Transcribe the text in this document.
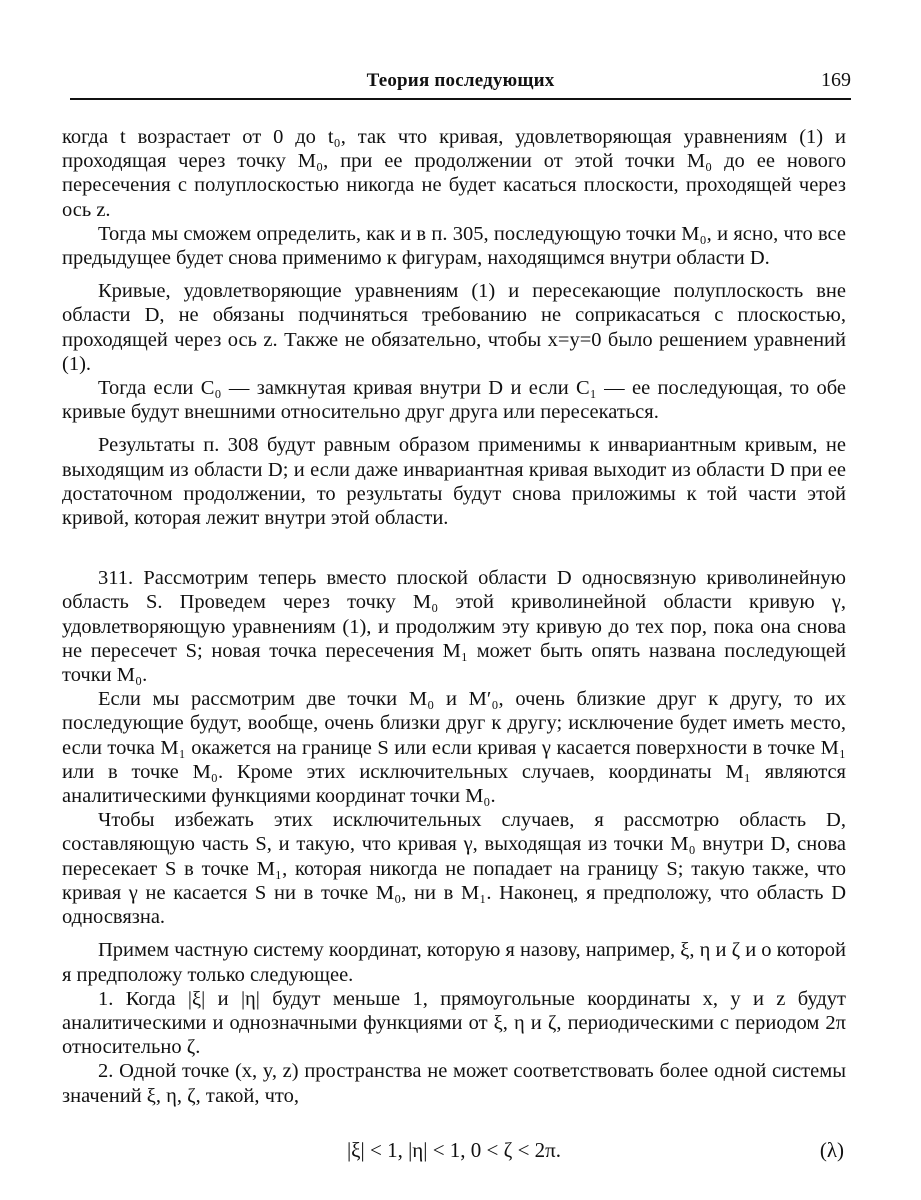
Теория последующих	169

когда t возрастает от 0 до t₀, так что кривая, удовлетворяющая уравнениям (1) и проходящая через точку M₀, при ее продолжении от этой точки M₀ до ее нового пересечения с полуплоскостью никогда не будет касаться плоскости, проходящей через ось z.

Тогда мы сможем определить, как и в п. 305, последующую точки M₀, и ясно, что все предыдущее будет снова применимо к фигурам, находящимся внутри области D.

Кривые, удовлетворяющие уравнениям (1) и пересекающие полуплоскость вне области D, не обязаны подчиняться требованию не соприкасаться с плоскостью, проходящей через ось z. Также не обязательно, чтобы x=y=0 было решением уравнений (1).

Тогда если C₀ — замкнутая кривая внутри D и если C₁ — ее последующая, то обе кривые будут внешними относительно друг друга или пересекаться.

Результаты п. 308 будут равным образом применимы к инвариантным кривым, не выходящим из области D; и если даже инвариантная кривая выходит из области D при ее достаточном продолжении, то результаты будут снова приложимы к той части этой кривой, которая лежит внутри этой области.

311. Рассмотрим теперь вместо плоской области D односвязную криволинейную область S. Проведем через точку M₀ этой криволинейной области кривую γ, удовлетворяющую уравнениям (1), и продолжим эту кривую до тех пор, пока она снова не пересечет S; новая точка пересечения M₁ может быть опять названа последующей точки M₀.

Если мы рассмотрим две точки M₀ и M′₀, очень близкие друг к другу, то их последующие будут, вообще, очень близки друг к другу; исключение будет иметь место, если точка M₁ окажется на границе S или если кривая γ касается поверхности в точке M₁ или в точке M₀. Кроме этих исключительных случаев, координаты M₁ являются аналитическими функциями координат точки M₀.

Чтобы избежать этих исключительных случаев, я рассмотрю область D, составляющую часть S, и такую, что кривая γ, выходящая из точки M₀ внутри D, снова пересекает S в точке M₁, которая никогда не попадает на границу S; такую также, что кривая γ не касается S ни в точке M₀, ни в M₁. Наконец, я предположу, что область D односвязна.

Примем частную систему координат, которую я назову, например, ξ, η и ζ и о которой я предположу только следующее.

1. Когда |ξ| и |η| будут меньше 1, прямоугольные координаты x, y и z будут аналитическими и однозначными функциями от ξ, η и ζ, периодическими с периодом 2π относительно ζ.

2. Одной точке (x, y, z) пространства не может соответствовать более одной системы значений ξ, η, ζ, такой, что,

|ξ| < 1, |η| < 1, 0 < ζ < 2π.	(λ)
